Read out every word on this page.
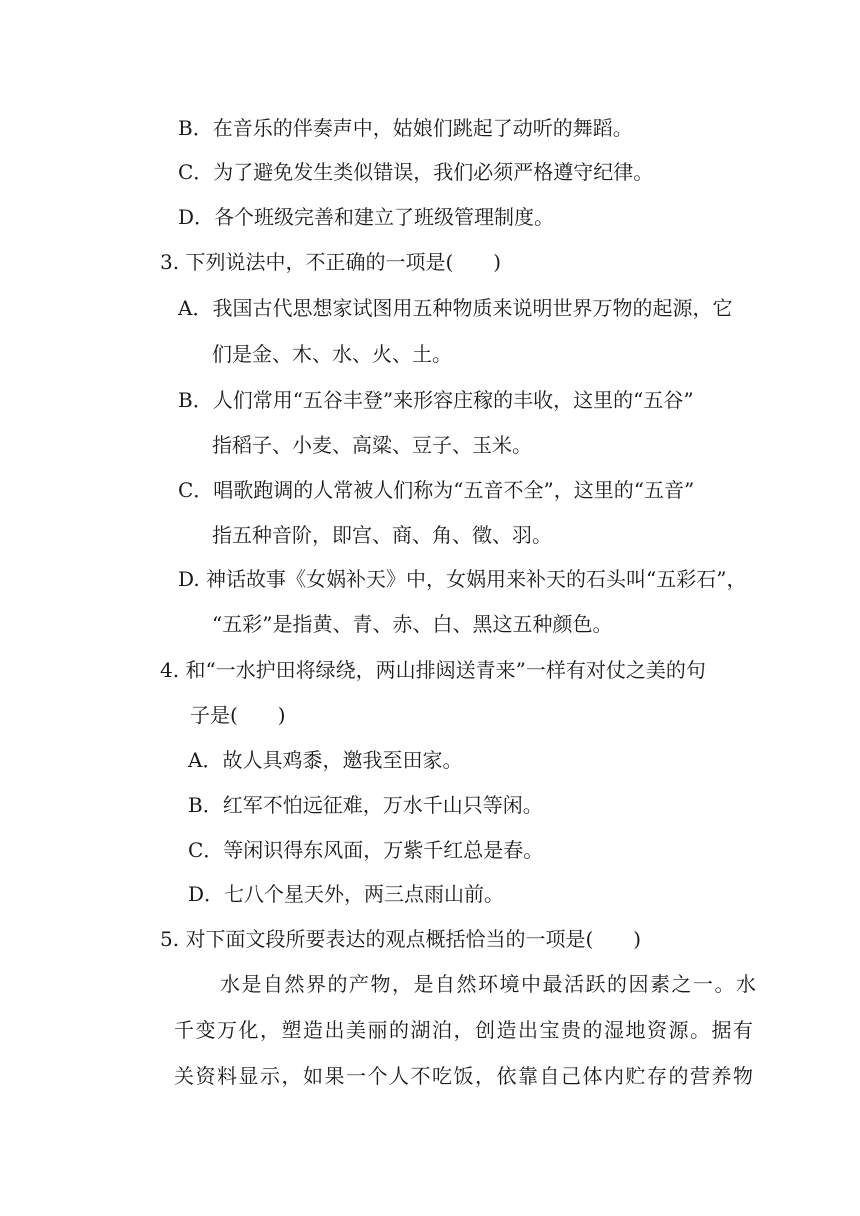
B．在音乐的伴奏声中，姑娘们跳起了动听的舞蹈。
C．为了避免发生类似错误，我们必须严格遵守纪律。
D．各个班级完善和建立了班级管理制度。
3. 下列说法中，不正确的一项是(　　)
A．我国古代思想家试图用五种物质来说明世界万物的起源，它
们是金、木、水、火、土。
B．人们常用“五谷丰登”来形容庄稼的丰收，这里的“五谷”
指稻子、小麦、高粱、豆子、玉米。
C．唱歌跑调的人常被人们称为“五音不全”，这里的“五音”
指五种音阶，即宫、商、角、徵、羽。
D. 神话故事《女娲补天》中，女娲用来补天的石头叫“五彩石”，
“五彩”是指黄、青、赤、白、黑这五种颜色。
4. 和“一水护田将绿绕，两山排闼送青来”一样有对仗之美的句
子是(　　)
A．故人具鸡黍，邀我至田家。
B．红军不怕远征难，万水千山只等闲。
C．等闲识得东风面，万紫千红总是春。
D．七八个星天外，两三点雨山前。
5. 对下面文段所要表达的观点概括恰当的一项是(　　)
水是自然界的产物，是自然环境中最活跃的因素之一。水
千变万化，塑造出美丽的湖泊，创造出宝贵的湿地资源。据有
关资料显示，如果一个人不吃饭，依靠自己体内贮存的营养物
